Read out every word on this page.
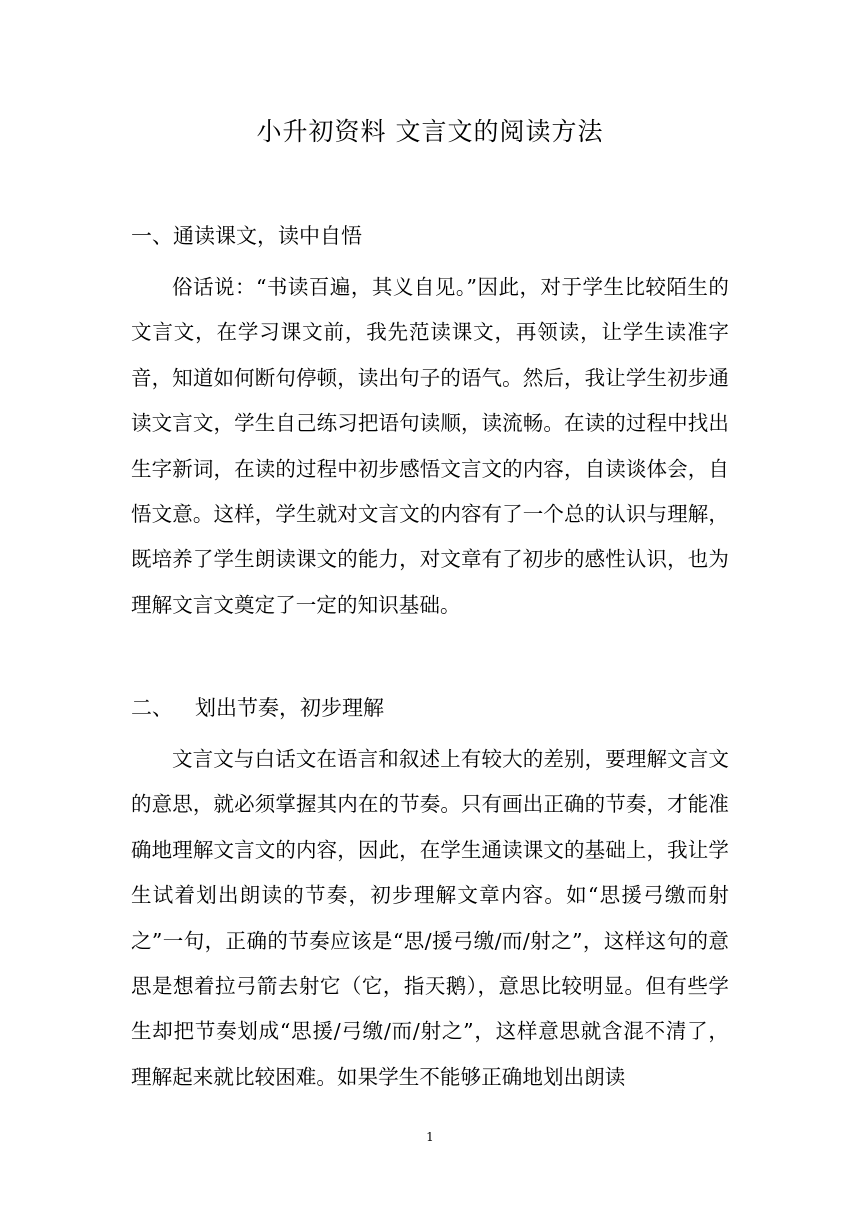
小升初资料 文言文的阅读方法
一、通读课文，读中自悟
俗话说：“书读百遍，其义自见。”因此，对于学生比较陌生的文言文，在学习课文前，我先范读课文，再领读，让学生读准字音，知道如何断句停顿，读出句子的语气。然后，我让学生初步通读文言文，学生自己练习把语句读顺，读流畅。在读的过程中找出生字新词，在读的过程中初步感悟文言文的内容，自读谈体会，自悟文意。这样，学生就对文言文的内容有了一个总的认识与理解，既培养了学生朗读课文的能力，对文章有了初步的感性认识，也为理解文言文奠定了一定的知识基础。
二、 划出节奏，初步理解
文言文与白话文在语言和叙述上有较大的差别，要理解文言文的意思，就必须掌握其内在的节奏。只有画出正确的节奏，才能准确地理解文言文的内容，因此，在学生通读课文的基础上，我让学生试着划出朗读的节奏，初步理解文章内容。如“思援弓缴而射之”一句，正确的节奏应该是“思/援弓缴/而/射之”，这样这句的意思是想着拉弓箭去射它（它，指天鹅），意思比较明显。但有些学生却把节奏划成“思援/弓缴/而/射之”，这样意思就含混不清了，理解起来就比较困难。如果学生不能够正确地划出朗读
1
